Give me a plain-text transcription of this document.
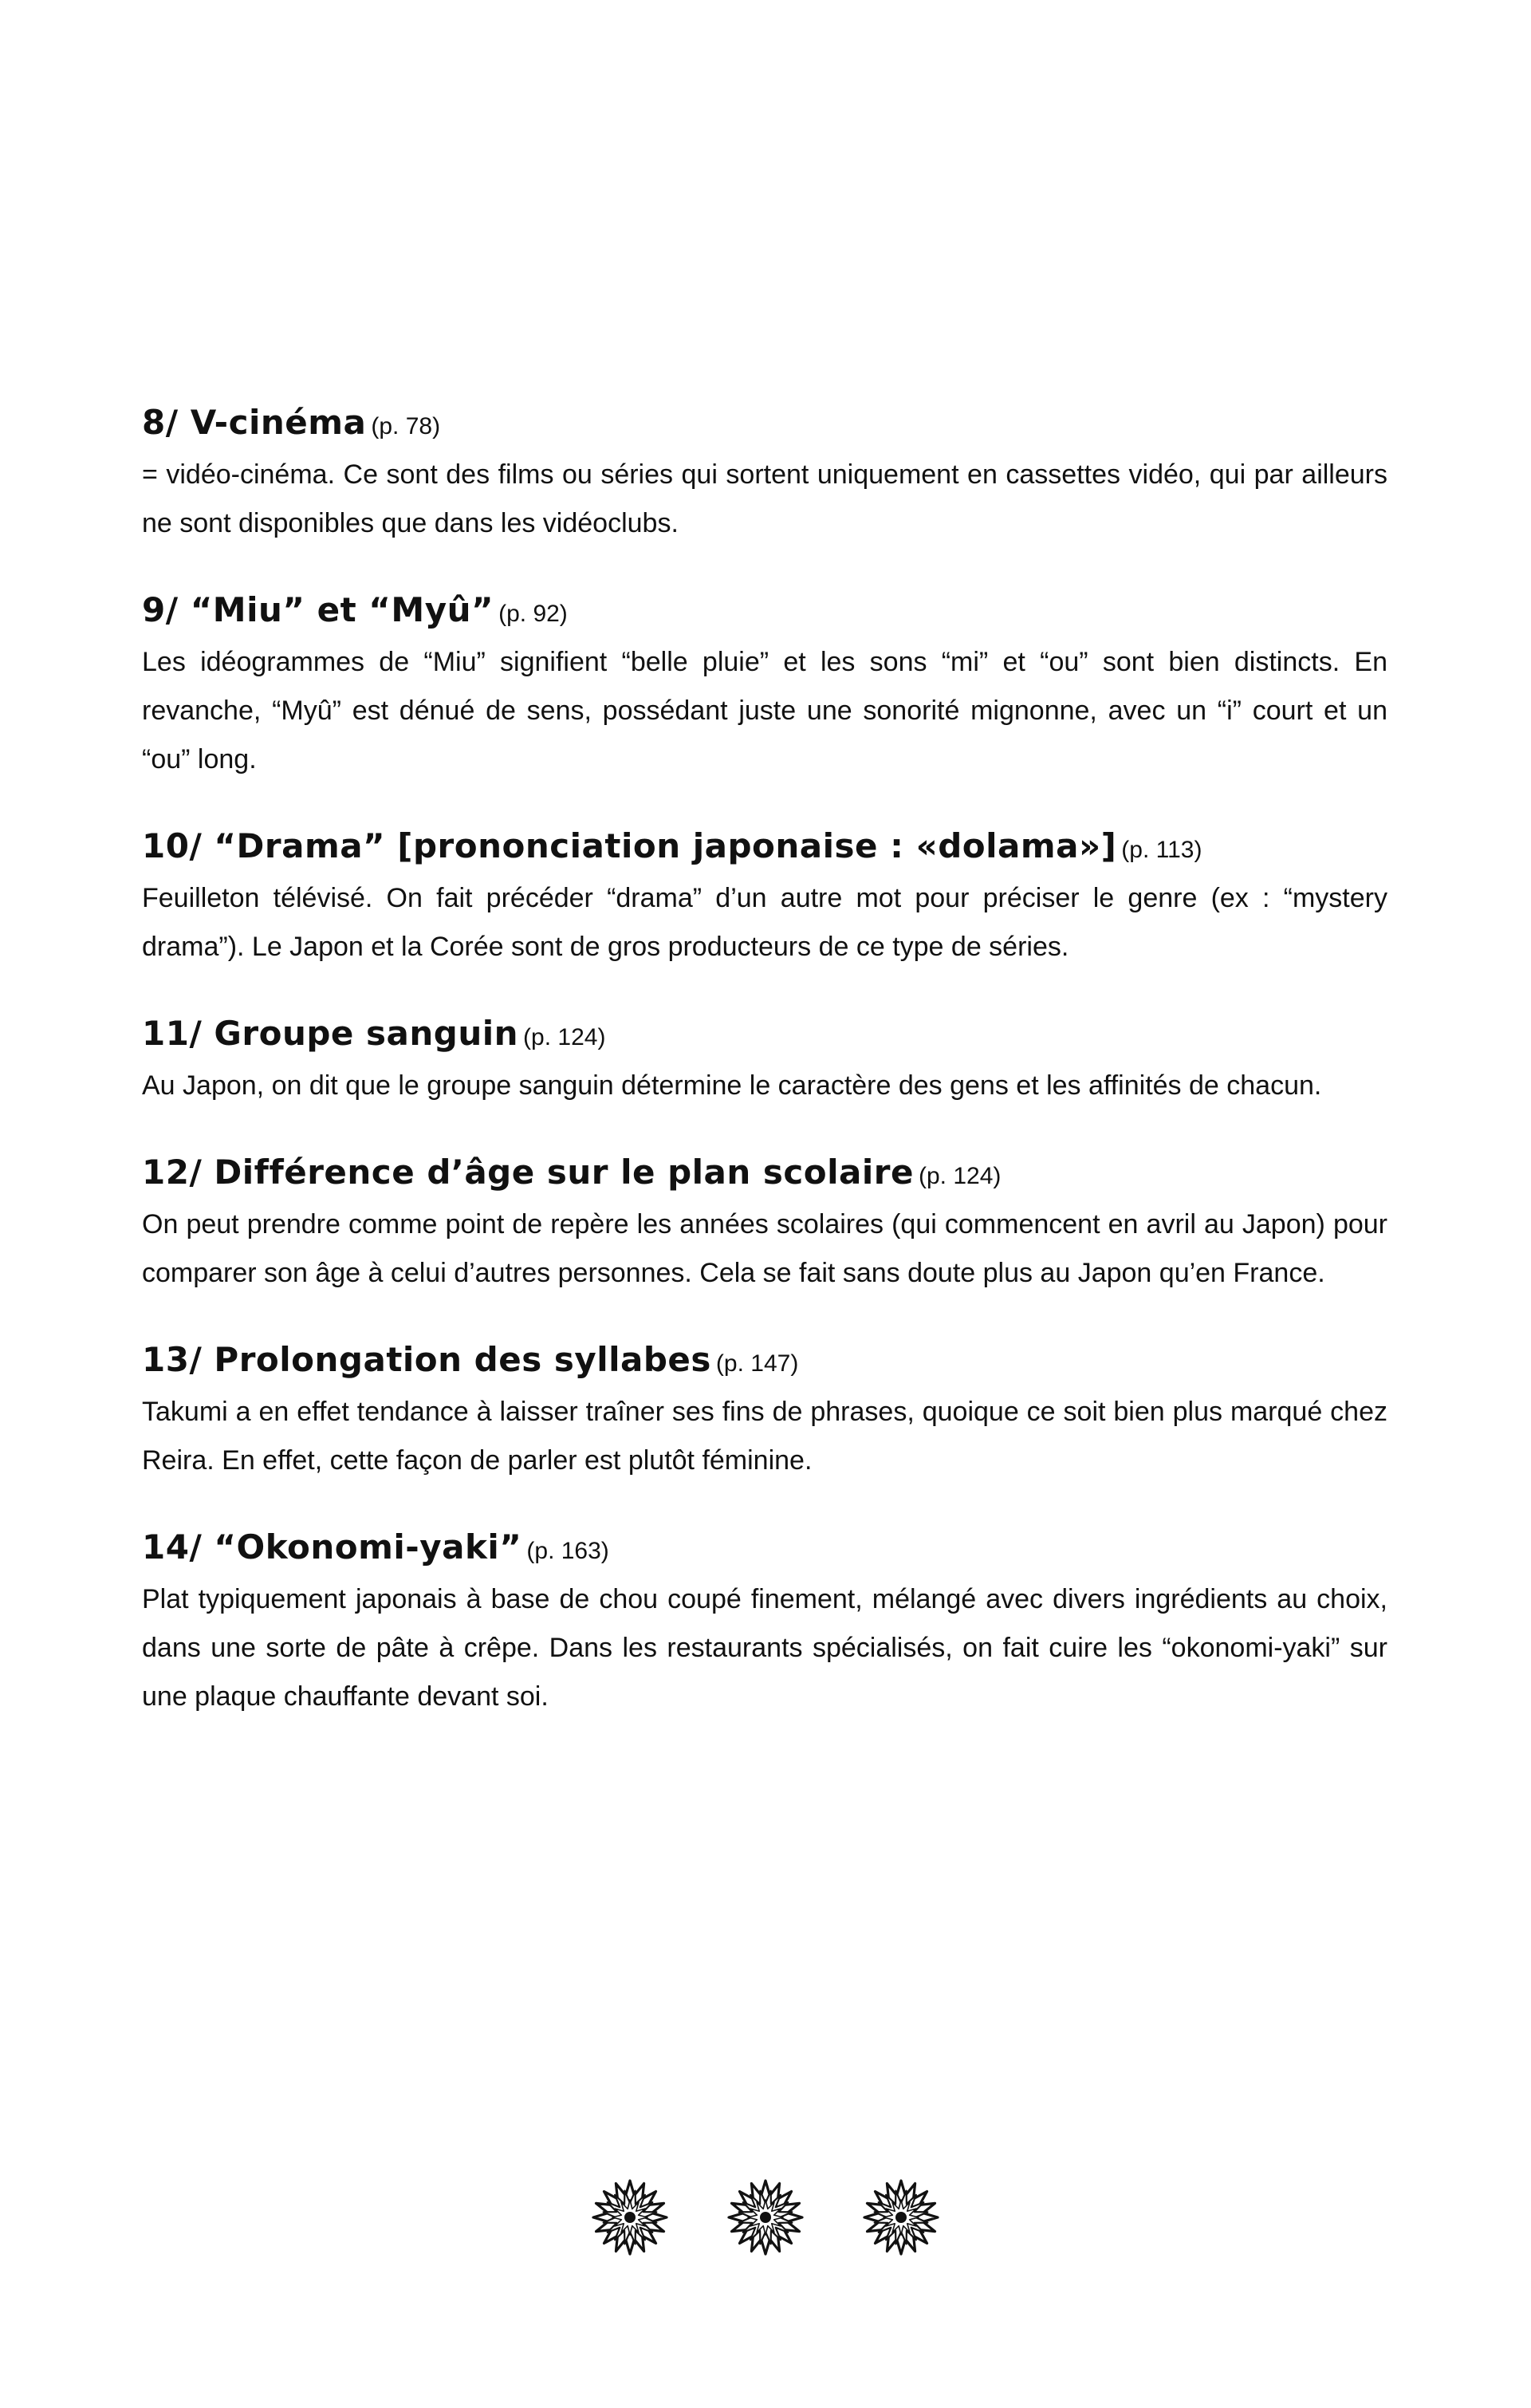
8/ V-cinéma (p. 78)

= vidéo-cinéma. Ce sont des films ou séries qui sortent uniquement en cassettes vidéo, qui par ailleurs ne sont disponibles que dans les vidéoclubs.

9/ “Miu” et “Myû” (p. 92)

Les idéogrammes de “Miu” signifient “belle pluie” et les sons “mi” et “ou” sont bien distincts. En revanche, “Myû” est dénué de sens, possédant juste une sonorité mignonne, avec un “i” court et un “ou” long.

10/ “Drama” [prononciation japonaise : «dolama»] (p. 113)

Feuilleton télévisé. On fait précéder “drama” d’un autre mot pour préciser le genre (ex : “mystery drama”). Le Japon et la Corée sont de gros producteurs de ce type de séries.

11/ Groupe sanguin (p. 124)

Au Japon, on dit que le groupe sanguin détermine le caractère des gens et les affinités de chacun.

12/ Différence d’âge sur le plan scolaire (p. 124)

On peut prendre comme point de repère les années scolaires (qui commencent en avril au Japon) pour comparer son âge à celui d’autres personnes. Cela se fait sans doute plus au Japon qu’en France.

13/ Prolongation des syllabes (p. 147)

Takumi a en effet tendance à laisser traîner ses fins de phrases, quoique ce soit bien plus marqué chez Reira. En effet, cette façon de parler est plutôt féminine.

14/ “Okonomi-yaki” (p. 163)

Plat typiquement japonais à base de chou coupé finement, mélangé avec divers ingrédients au choix, dans une sorte de pâte à crêpe. Dans les restaurants spécialisés, on fait cuire les “okonomi-yaki” sur une plaque chauffante devant soi.
